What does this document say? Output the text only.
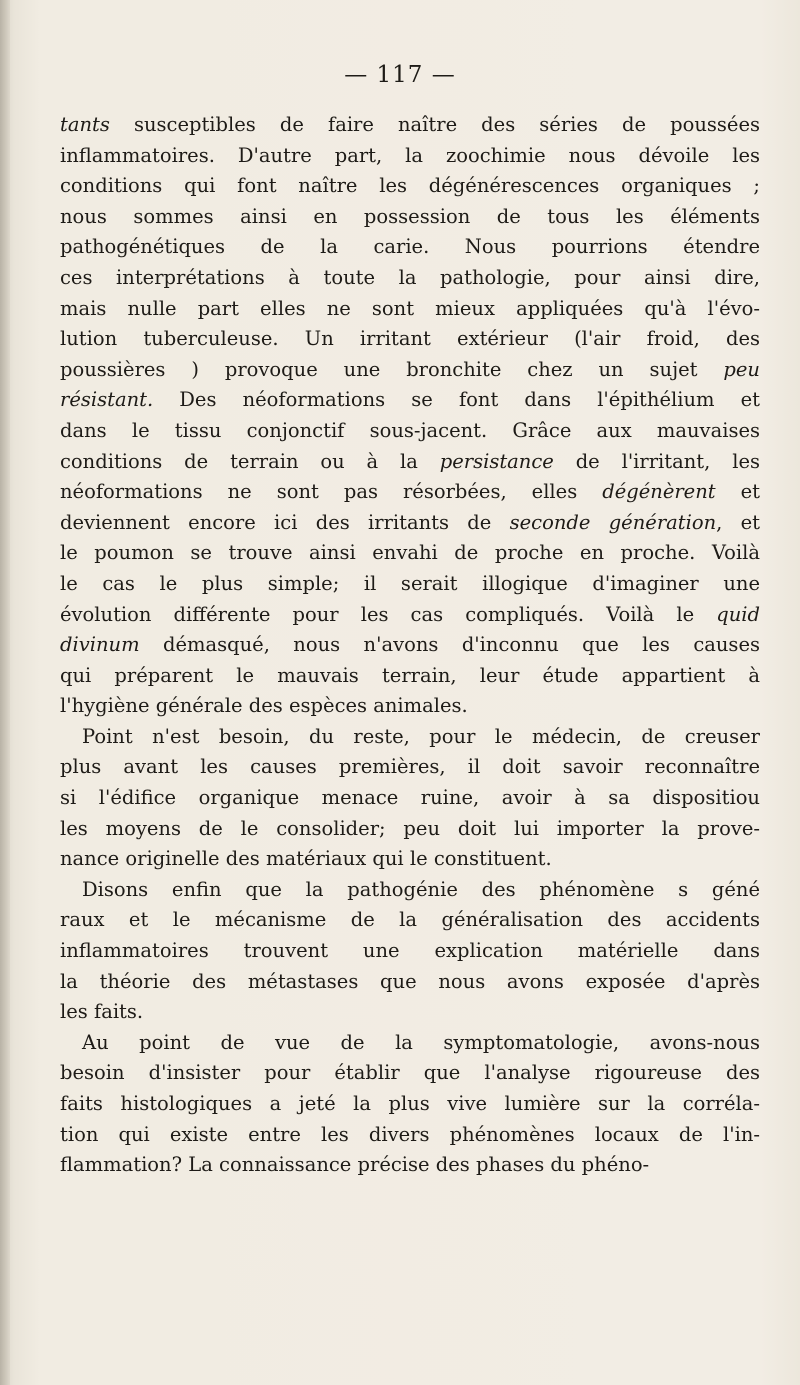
— 117 —
tants susceptibles de faire naître des séries de poussées
inflammatoires. D'autre part, la zoochimie nous dévoile les
conditions qui font naître les dégénérescences organiques ;
nous sommes ainsi en possession de tous les éléments
pathogénétiques de la carie. Nous pourrions étendre
ces interprétations à toute la pathologie, pour ainsi dire,
mais nulle part elles ne sont mieux appliquées qu'à l'évo-
lution tuberculeuse. Un irritant extérieur (l'air froid, des
poussières ) provoque une bronchite chez un sujet peu
résistant. Des néoformations se font dans l'épithélium et
dans le tissu conjonctif sous-jacent. Grâce aux mauvaises
conditions de terrain ou à la persistance de l'irritant, les
néoformations ne sont pas résorbées, elles dégénèrent et
deviennent encore ici des irritants de seconde génération, et
le poumon se trouve ainsi envahi de proche en proche. Voilà
le cas le plus simple; il serait illogique d'imaginer une
évolution différente pour les cas compliqués. Voilà le quid
divinum démasqué, nous n'avons d'inconnu que les causes
qui préparent le mauvais terrain, leur étude appartient à
l'hygiène générale des espèces animales.
Point n'est besoin, du reste, pour le médecin, de creuser
plus avant les causes premières, il doit savoir reconnaître
si l'édifice organique menace ruine, avoir à sa dispositiou
les moyens de le consolider; peu doit lui importer la prove-
nance originelle des matériaux qui le constituent.
Disons enfin que la pathogénie des phénomène s géné
raux et le mécanisme de la généralisation des accidents
inflammatoires trouvent une explication matérielle dans
la théorie des métastases que nous avons exposée d'après
les faits.
Au point de vue de la symptomatologie, avons-nous
besoin d'insister pour établir que l'analyse rigoureuse des
faits histologiques a jeté la plus vive lumière sur la corréla-
tion qui existe entre les divers phénomènes locaux de l'in-
flammation? La connaissance précise des phases du phéno-
